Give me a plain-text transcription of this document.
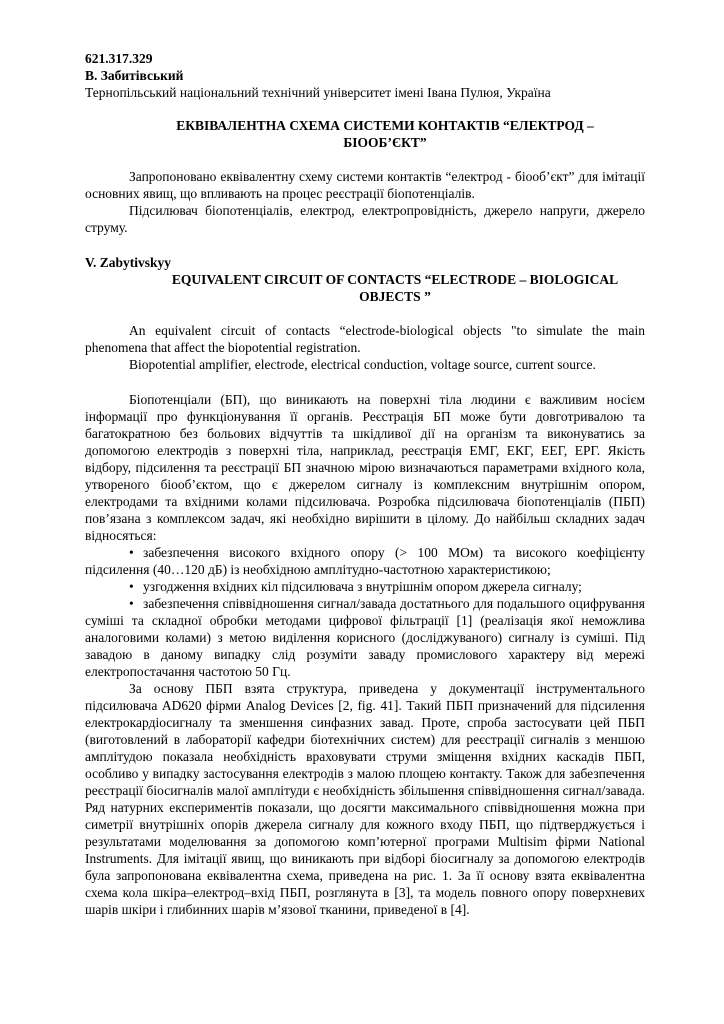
621.317.329

В. Забитівський

Тернопільський національний технічний університет імені Івана Пулюя, Україна

ЕКВІВАЛЕНТНА СХЕМА СИСТЕМИ КОНТАКТІВ “ЕЛЕКТРОД –
БІООБ’ЄКТ”

Запропоновано еквівалентну схему системи контактів “електрод - біооб’єкт” для імітації основних явищ, що впливають на процес реєстрації біопотенціалів.

Підсилювач біопотенціалів, електрод, електропровідність, джерело напруги, джерело струму.

V. Zabytivskyy

EQUIVALENT CIRCUIT OF CONTACTS “ELECTRODE – BIOLOGICAL
OBJECTS ”

An equivalent circuit of contacts “electrode-biological objects "to simulate the main phenomena that affect the biopotential registration.

Biopotential amplifier, electrode, electrical conduction, voltage source, current source.

Біопотенціали (БП), що виникають на поверхні тіла людини є важливим носієм інформації про функціонування її органів. Реєстрація БП може бути довготривалою та багатократною без больових відчуттів та шкідливої дії на організм та виконуватись за допомогою електродів з поверхні тіла, наприклад, реєстрація ЕМГ, ЕКГ, ЕЕГ, ЕРГ. Якість відбору, підсилення та реєстрації БП значною мірою визначаються параметрами вхідного кола, утвореного біооб’єктом, що є джерелом сигналу із комплексним внутрішнім опором, електродами та вхідними колами підсилювача. Розробка підсилювача біопотенціалів (ПБП) пов’язана з комплексом задач, які необхідно вирішити в цілому. До найбільш складних задач відносяться:

• забезпечення високого вхідного опору (> 100 МОм) та високого коефіцієнту підсилення (40…120 дБ) із необхідною амплітудно-частотною характеристикою;
• узгодження вхідних кіл підсилювача з внутрішнім опором джерела сигналу;
• забезпечення співвідношення сигнал/завада достатнього для подальшого оцифрування суміші та складної обробки методами цифрової фільтрації [1] (реалізація якої неможлива аналоговими колами) з метою виділення корисного (досліджуваного) сигналу із суміші. Під завадою в даному випадку слід розуміти заваду промислового характеру від мережі електропостачання частотою 50 Гц.

За основу ПБП взята структура, приведена у документації інструментального підсилювача AD620 фірми Analog Devices [2, fig. 41]. Такий ПБП призначений для підсилення електрокардіосигналу та зменшення синфазних завад. Проте, спроба застосувати цей ПБП (виготовлений в лабораторії кафедри біотехнічних систем) для реєстрації сигналів з меншою амплітудою показала необхідність враховувати струми зміщення вхідних каскадів ПБП, особливо у випадку застосування електродів з малою площею контакту. Також для забезпечення реєстрації біосигналів малої амплітуди є необхідність збільшення співвідношення сигнал/завада. Ряд натурних експериментів показали, що досягти максимального співвідношення можна при симетрії внутрішніх опорів джерела сигналу для кожного входу ПБП, що підтверджується і результатами моделювання за допомогою комп’ютерної програми Multisim фірми National Instruments. Для імітації явищ, що виникають при відборі біосигналу за допомогою електродів була запропонована еквівалентна схема, приведена на рис. 1. За її основу взята еквівалентна схема кола шкіра–електрод–вхід ПБП, розглянута в [3], та модель повного опору поверхневих шарів шкіри і глибинних шарів м’язової тканини, приведеної в [4].
